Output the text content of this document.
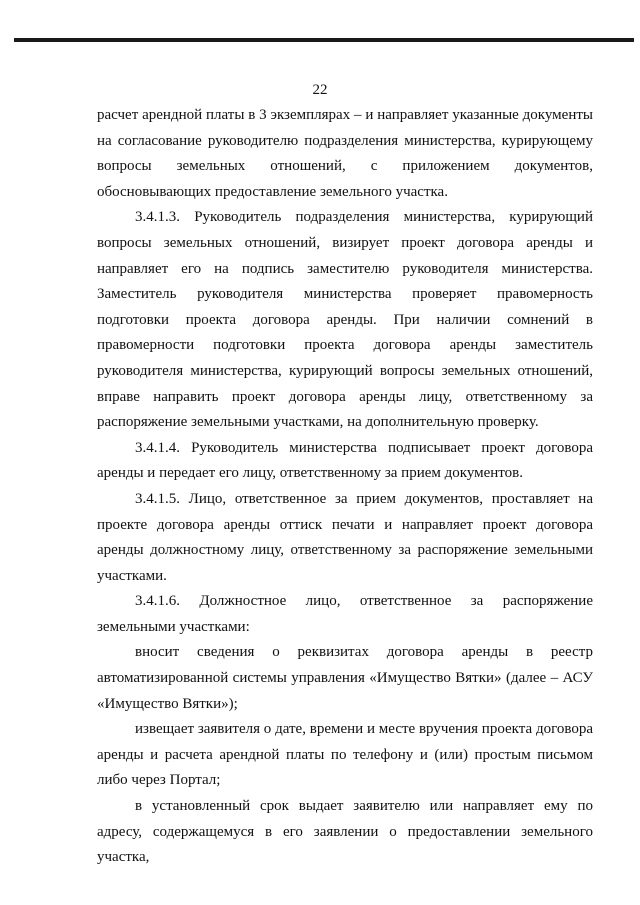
22

расчет арендной платы в 3 экземплярах – и направляет указанные документы на согласование руководителю подразделения министерства, курирующему вопросы земельных отношений, с приложением документов, обосновывающих предоставление земельного участка.

3.4.1.3. Руководитель подразделения министерства, курирующий вопросы земельных отношений, визирует проект договора аренды и направляет его на подпись заместителю руководителя министерства. Заместитель руководителя министерства проверяет правомерность подготовки проекта договора аренды. При наличии сомнений в правомерности подготовки проекта договора аренды заместитель руководителя министерства, курирующий вопросы земельных отношений, вправе направить проект договора аренды лицу, ответственному за распоряжение земельными участками, на дополнительную проверку.

3.4.1.4. Руководитель министерства подписывает проект договора аренды и передает его лицу, ответственному за прием документов.

3.4.1.5. Лицо, ответственное за прием документов, проставляет на проекте договора аренды оттиск печати и направляет проект договора аренды должностному лицу, ответственному за распоряжение земельными участками.

3.4.1.6. Должностное лицо, ответственное за распоряжение земельными участками:

вносит сведения о реквизитах договора аренды в реестр автоматизированной системы управления «Имущество Вятки» (далее – АСУ «Имущество Вятки»);

извещает заявителя о дате, времени и месте вручения проекта договора аренды и расчета арендной платы по телефону и (или) простым письмом либо через Портал;

в установленный срок выдает заявителю или направляет ему по адресу, содержащемуся в его заявлении о предоставлении земельного участка,
